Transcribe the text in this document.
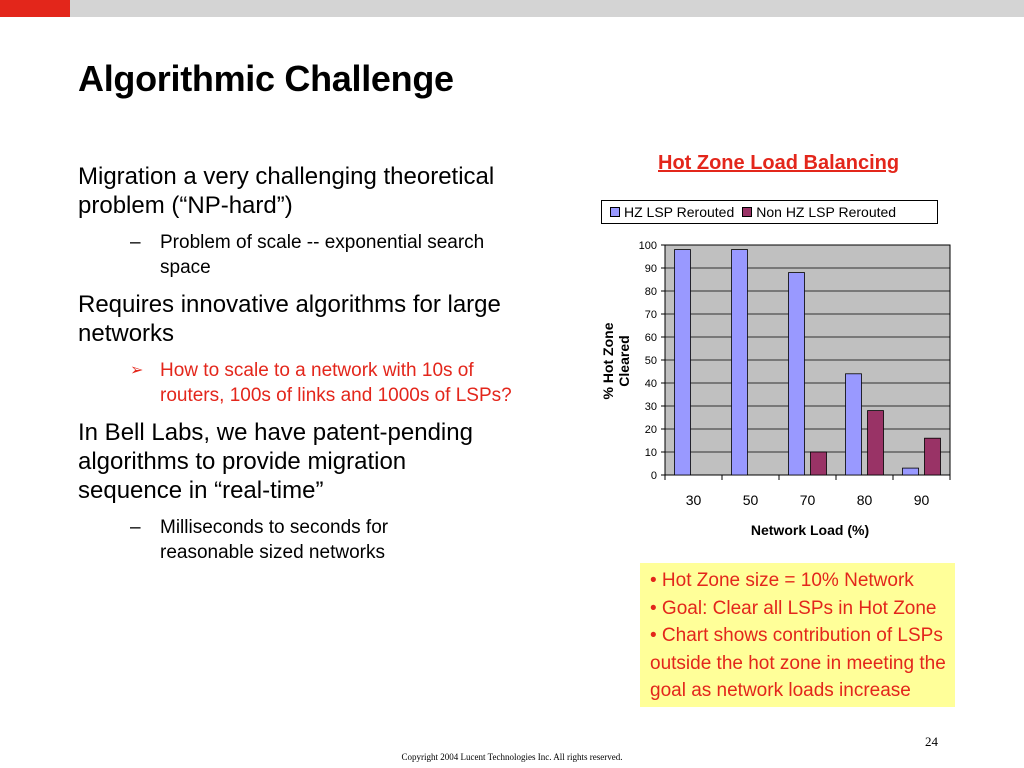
Algorithmic Challenge
Migration a very challenging theoretical
problem (“NP-hard”)
– Problem of scale -- exponential search
space
Requires innovative algorithms for large
networks
➢ How to scale to a network with 10s of
routers, 100s of links and 1000s of LSPs?
In Bell Labs, we have patent-pending
algorithms to provide migration
sequence in “real-time”
– Milliseconds to seconds for
reasonable sized networks
Hot Zone Load Balancing
HZ LSP Rerouted Non HZ LSP Rerouted
% Hot Zone Cleared
Network Load (%)
0
10
20
30
40
50
60
70
80
90
100
30	50	70	80	90
• Hot Zone size = 10% Network
• Goal: Clear all LSPs in Hot Zone
• Chart shows contribution of LSPs
outside the hot zone in meeting the
goal as network loads increase
24
Copyright 2004 Lucent Technologies Inc. All rights reserved.
